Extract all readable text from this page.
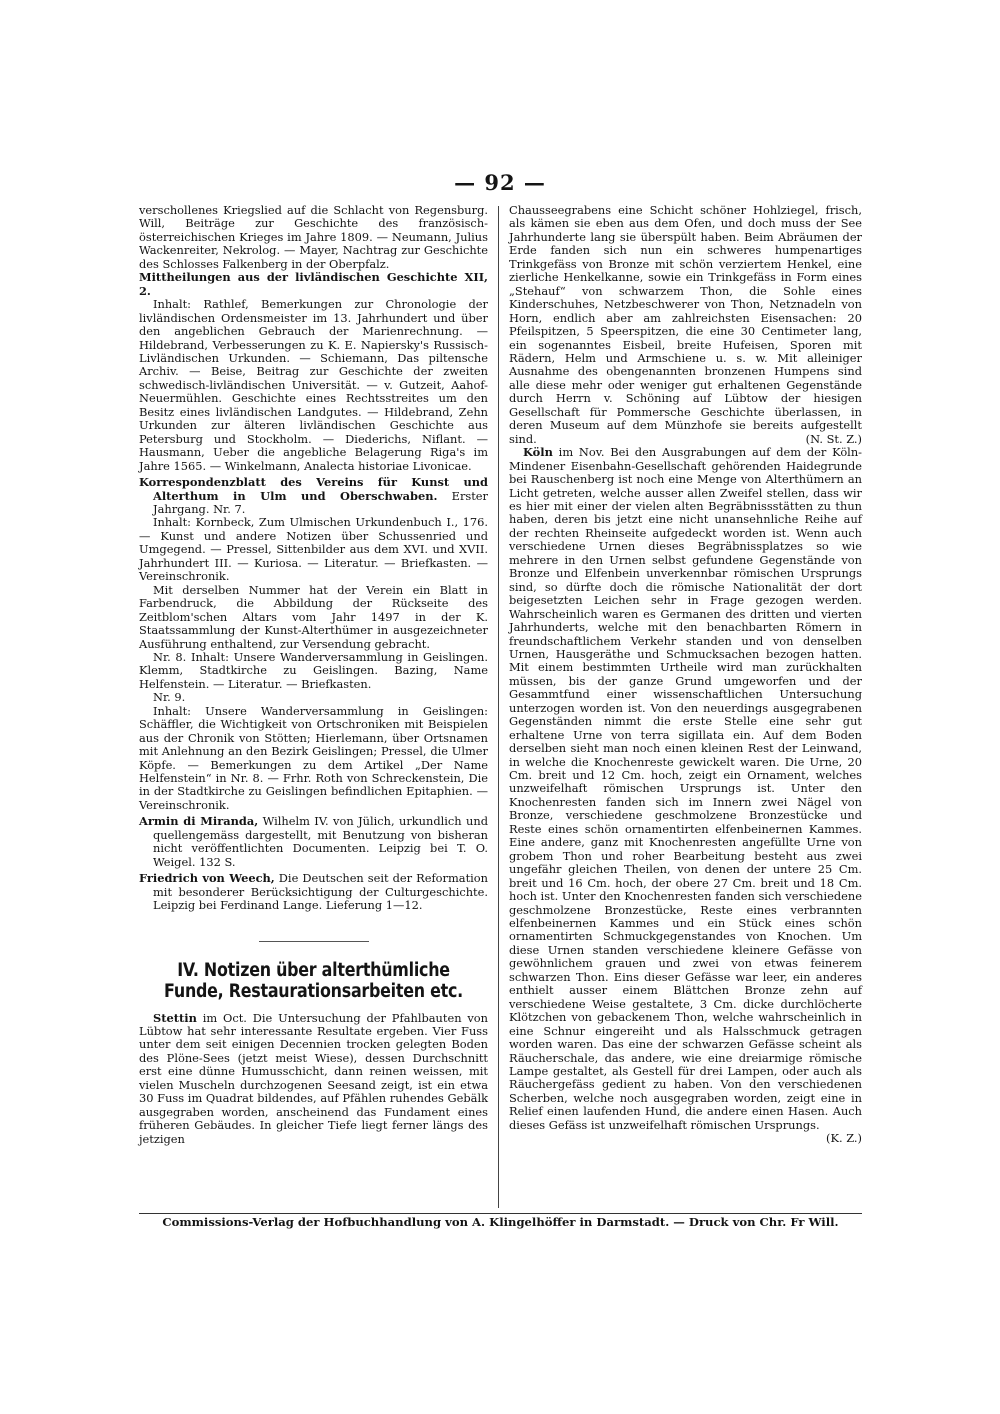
— 92 —

verschollenes Kriegslied auf die Schlacht von Regensburg. Will, Beiträge zur Geschichte des französisch-österreichischen Krieges im Jahre 1809. — Neumann, Julius Wackenreiter, Nekrolog. — Mayer, Nachtrag zur Geschichte des Schlosses Falkenberg in der Oberpfalz.

Mittheilungen aus der livländischen Geschichte XII, 2.

Inhalt: Rathlef, Bemerkungen zur Chronologie der livländischen Ordensmeister im 13. Jahrhundert und über den angeblichen Gebrauch der Marienrechnung. — Hildebrand, Verbesserungen zu K. E. Napiersky's Russisch-Livländischen Urkunden. — Schiemann, Das piltensche Archiv. — Beise, Beitrag zur Geschichte der zweiten schwedisch-livländischen Universität. — v. Gutzeit, Aahof-Neuermühlen. Geschichte eines Rechtsstreites um den Besitz eines livländischen Landgutes. — Hildebrand, Zehn Urkunden zur älteren livländischen Geschichte aus Petersburg und Stockholm. — Diederichs, Niflant. — Hausmann, Ueber die angebliche Belagerung Riga's im Jahre 1565. — Winkelmann, Analecta historiae Livonicae.

Korrespondenzblatt des Vereins für Kunst und Alterthum in Ulm und Oberschwaben. Erster Jahrgang. Nr. 7.

Inhalt: Kornbeck, Zum Ulmischen Urkundenbuch I., 176. — Kunst und andere Notizen über Schussenried und Umgegend. — Pressel, Sittenbilder aus dem XVI. und XVII. Jahrhundert III. — Kuriosa. — Literatur. — Briefkasten. — Vereinschronik.

Mit derselben Nummer hat der Verein ein Blatt in Farbendruck, die Abbildung der Rückseite des Zeitblom'schen Altars vom Jahr 1497 in der K. Staatssammlung der Kunst-Alterthümer in ausgezeichneter Ausführung enthaltend, zur Versendung gebracht.

Nr. 8. Inhalt: Unsere Wanderversammlung in Geislingen. Klemm, Stadtkirche zu Geislingen. Bazing, Name Helfenstein. — Literatur. — Briefkasten.

Nr. 9.

Inhalt: Unsere Wanderversammlung in Geislingen: Schäffler, die Wichtigkeit von Ortschroniken mit Beispielen aus der Chronik von Stötten; Hierlemann, über Ortsnamen mit Anlehnung an den Bezirk Geislingen; Pressel, die Ulmer Köpfe. — Bemerkungen zu dem Artikel „Der Name Helfenstein“ in Nr. 8. — Frhr. Roth von Schreckenstein, Die in der Stadtkirche zu Geislingen befindlichen Epitaphien. — Vereinschronik.

Armin di Miranda, Wilhelm IV. von Jülich, urkundlich und quellengemäss dargestellt, mit Benutzung von bisheran nicht veröffentlichten Documenten. Leipzig bei T. O. Weigel. 132 S.

Friedrich von Weech, Die Deutschen seit der Reformation mit besonderer Berücksichtigung der Culturgeschichte. Leipzig bei Ferdinand Lange. Lieferung 1—12.

IV. Notizen über alterthümliche Funde, Restaurationsarbeiten etc.

Stettin im Oct. Die Untersuchung der Pfahlbauten von Lübtow hat sehr interessante Resultate ergeben. Vier Fuss unter dem seit einigen Decennien trocken gelegten Boden des Plöne-Sees (jetzt meist Wiese), dessen Durchschnitt erst eine dünne Humusschicht, dann reinen weissen, mit vielen Muscheln durchzogenen Seesand zeigt, ist ein etwa 30 Fuss im Quadrat bildendes, auf Pfählen ruhendes Gebälk ausgegraben worden, anscheinend das Fundament eines früheren Gebäudes. In gleicher Tiefe liegt ferner längs des jetzigen

Chausseegrabens eine Schicht schöner Hohlziegel, frisch, als kämen sie eben aus dem Ofen, und doch muss der See Jahrhunderte lang sie überspült haben. Beim Abräumen der Erde fanden sich nun ein schweres humpenartiges Trinkgefäss von Bronze mit schön verziertem Henkel, eine zierliche Henkelkanne, sowie ein Trinkgefäss in Form eines „Stehauf“ von schwarzem Thon, die Sohle eines Kinderschuhes, Netzbeschwerer von Thon, Netznadeln von Horn, endlich aber am zahlreichsten Eisensachen: 20 Pfeilspitzen, 5 Speerspitzen, die eine 30 Centimeter lang, ein sogenanntes Eisbeil, breite Hufeisen, Sporen mit Rädern, Helm und Armschiene u. s. w. Mit alleiniger Ausnahme des obengenannten bronzenen Humpens sind alle diese mehr oder weniger gut erhaltenen Gegenstände durch Herrn v. Schöning auf Lübtow der hiesigen Gesellschaft für Pommersche Geschichte überlassen, in deren Museum auf dem Münzhofe sie bereits aufgestellt sind.	(N. St. Z.)

Köln im Nov. Bei den Ausgrabungen auf dem der Köln-Mindener Eisenbahn-Gesellschaft gehörenden Haidegrunde bei Rauschenberg ist noch eine Menge von Alterthümern an Licht getreten, welche ausser allen Zweifel stellen, dass wir es hier mit einer der vielen alten Begräbnissstätten zu thun haben, deren bis jetzt eine nicht unansehnliche Reihe auf der rechten Rheinseite aufgedeckt worden ist. Wenn auch verschiedene Urnen dieses Begräbnissplatzes so wie mehrere in den Urnen selbst gefundene Gegenstände von Bronze und Elfenbein unverkennbar römischen Ursprungs sind, so dürfte doch die römische Nationalität der dort beigesetzten Leichen sehr in Frage gezogen werden. Wahrscheinlich waren es Germanen des dritten und vierten Jahrhunderts, welche mit den benachbarten Römern in freundschaftlichem Verkehr standen und von denselben Urnen, Hausgeräthe und Schmucksachen bezogen hatten. Mit einem bestimmten Urtheile wird man zurückhalten müssen, bis der ganze Grund umgeworfen und der Gesammtfund einer wissenschaftlichen Untersuchung unterzogen worden ist. Von den neuerdings ausgegrabenen Gegenständen nimmt die erste Stelle eine sehr gut erhaltene Urne von terra sigillata ein. Auf dem Boden derselben sieht man noch einen kleinen Rest der Leinwand, in welche die Knochenreste gewickelt waren. Die Urne, 20 Cm. breit und 12 Cm. hoch, zeigt ein Ornament, welches unzweifelhaft römischen Ursprungs ist. Unter den Knochenresten fanden sich im Innern zwei Nägel von Bronze, verschiedene geschmolzene Bronzestücke und Reste eines schön ornamentirten elfenbeinernen Kammes. Eine andere, ganz mit Knochenresten angefüllte Urne von grobem Thon und roher Bearbeitung besteht aus zwei ungefähr gleichen Theilen, von denen der untere 25 Cm. breit und 16 Cm. hoch, der obere 27 Cm. breit und 18 Cm. hoch ist. Unter den Knochenresten fanden sich verschiedene geschmolzene Bronzestücke, Reste eines verbrannten elfenbeinernen Kammes und ein Stück eines schön ornamentirten Schmuckgegenstandes von Knochen. Um diese Urnen standen verschiedene kleinere Gefässe von gewöhnlichem grauen und zwei von etwas feinerem schwarzen Thon. Eins dieser Gefässe war leer, ein anderes enthielt ausser einem Blättchen Bronze zehn auf verschiedene Weise gestaltete, 3 Cm. dicke durchlöcherte Klötzchen von gebackenem Thon, welche wahrscheinlich in eine Schnur eingereiht und als Halsschmuck getragen worden waren. Das eine der schwarzen Gefässe scheint als Räucherschale, das andere, wie eine dreiarmige römische Lampe gestaltet, als Gestell für drei Lampen, oder auch als Räuchergefäss gedient zu haben. Von den verschiedenen Scherben, welche noch ausgegraben worden, zeigt eine in Relief einen laufenden Hund, die andere einen Hasen. Auch dieses Gefäss ist unzweifelhaft römischen Ursprungs.
(K. Z.)

Commissions-Verlag der Hofbuchhandlung von A. Klingelhöffer in Darmstadt. — Druck von Chr. Fr Will.
